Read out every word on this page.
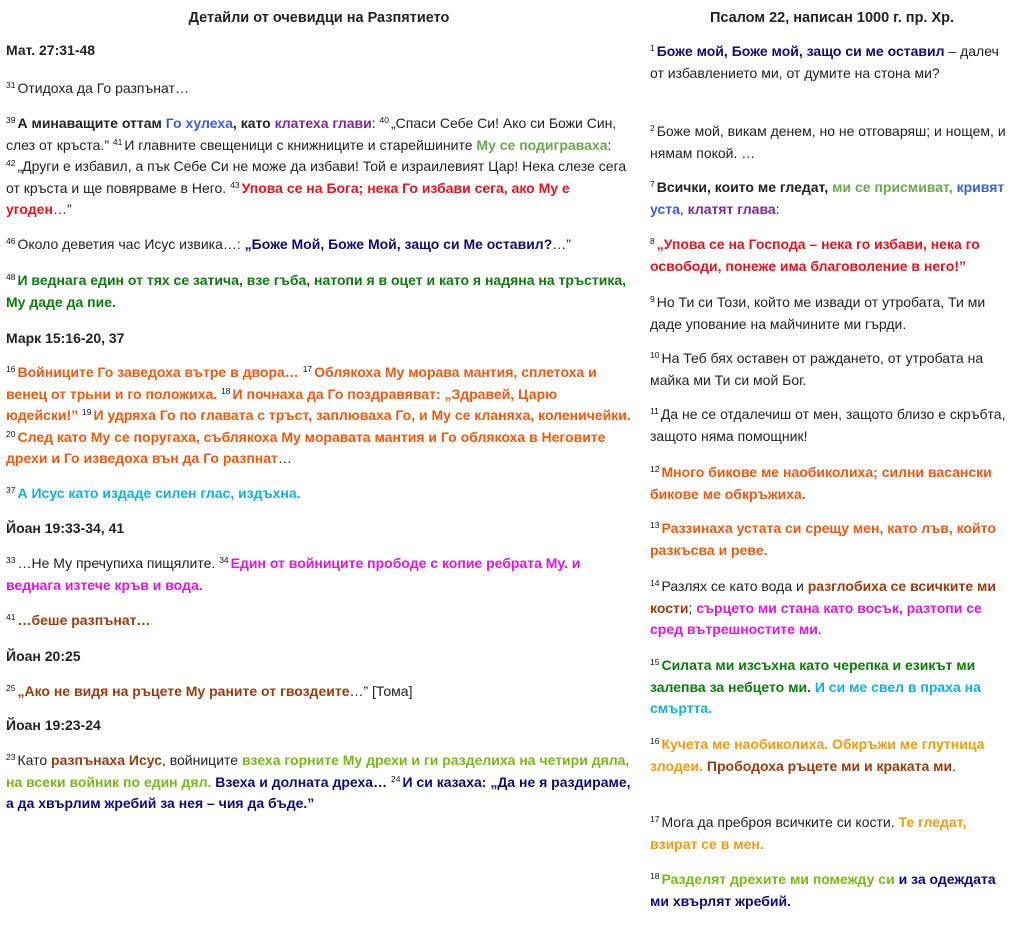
Детайли от очевидци на Разпятието

Мат. 27:31-48

$^{31}$ Отидоха да Го разпънат…

$^{39}$ А минаващите оттам Го хулеха, като клатеха глави: $^{40}$ „Спаси Себе Си! Ако си Божи Син, слез от кръста.” $^{41}$ И главните свещеници с книжниците и старейшините Му се подиграваха: $^{42}$ „Други е избавил, а пък Себе Си не може да избави! Той е израилевият Цар! Нека слезе сега от кръста и ще повярваме в Него. $^{43}$ Упова се на Бога; нека Го избави сега, ако Му е угоден…”

$^{46}$ Около деветия час Исус извика…: „Боже Мой, Боже Мой, защо си Ме оставил?…”

$^{48}$ И веднага един от тях се затича, взе гъба, натопи я в оцет и като я надяна на тръстика, Му даде да пие.

Марк 15:16-20, 37

$^{16}$ Войниците Го заведоха вътре в двора… $^{17}$ Облякоха Му морава мантия, сплетоха и венец от трьни и го положиха. $^{18}$ И почнаха да Го поздравяват: „Здравей, Царю юдейски!” $^{19}$ И удряха Го по главата с тръст, заплюваха Го, и Му се кланяха, коленичейки. $^{20}$ След като Му се поругаха, съблякоха Му моравата мантия и Го облякоха в Неговите дрехи и Го изведоха вън да Го разпнат…

$^{37}$ А Исус като издаде силен глас, издъхна.

Йоан 19:33-34, 41

$^{33}$ …Не Му пречупиха пищялите. $^{34}$ Един от войниците прободе с копие ребрата Му. и веднага изтече кръв и вода.

$^{41}$ …беше разпънат…

Йоан 20:25

$^{25}$ „Ако не видя на ръцете Му раните от гвоздеите…” [Тома]

Йоан 19:23-24

$^{23}$ Като разпънаха Исус, войниците взеха горните Му дрехи и ги разделиха на четири дяла, на всеки войник по един дял. Взеха и долната дреха… $^{24}$ И си казаха: „Да не я раздираме, а да хвърлим жребий за нея – чия да бъде.”

Псалом 22, написан 1000 г. пр. Хр.

$^1$ Боже мой, Боже мой, защо си ме оставил – далеч от избавлението ми, от думите на стона ми?

$^2$ Боже мой, викам денем, но не отговаряш; и нощем, и нямам покой. …

$^7$ Всички, които ме гледат, ми се присмиват, кривят уста, клатят глава:

$^8$ „Упова се на Господа – нека го избави, нека го освободи, понеже има благоволение в него!”

$^9$ Но Ти си Този, който ме извади от утробата, Ти ми даде упование на майчините ми гърди.

$^{10}$ На Теб бях оставен от раждането, от утробата на майка ми Ти си мой Бог.

$^{11}$ Да не се отдалечиш от мен, защото близо е скръбта, защото няма помощник!

$^{12}$ Много бикове ме наобиколиха; силни васански бикове ме обкръжиха.

$^{13}$ Раззинаха устата си срещу мен, като лъв, който разкъсва и реве.

$^{14}$ Разлях се като вода и разглобиха се всичките ми кости; сърцето ми стана като восък, разтопи се сред вътрешностите ми.

$^{15}$ Силата ми изсъхна като черепка и езикът ми залепва за небцето ми. И си ме свел в праха на смъртта.

$^{16}$ Кучета ме наобиколиха. Обкръжи ме глутница злодеи. Прободоха ръцете ми и краката ми.

$^{17}$ Мога да преброя всичките си кости. Те гледат, взират се в мен.

$^{18}$ Разделят дрехите ми помежду си и за одеждата ми хвърлят жребий.
